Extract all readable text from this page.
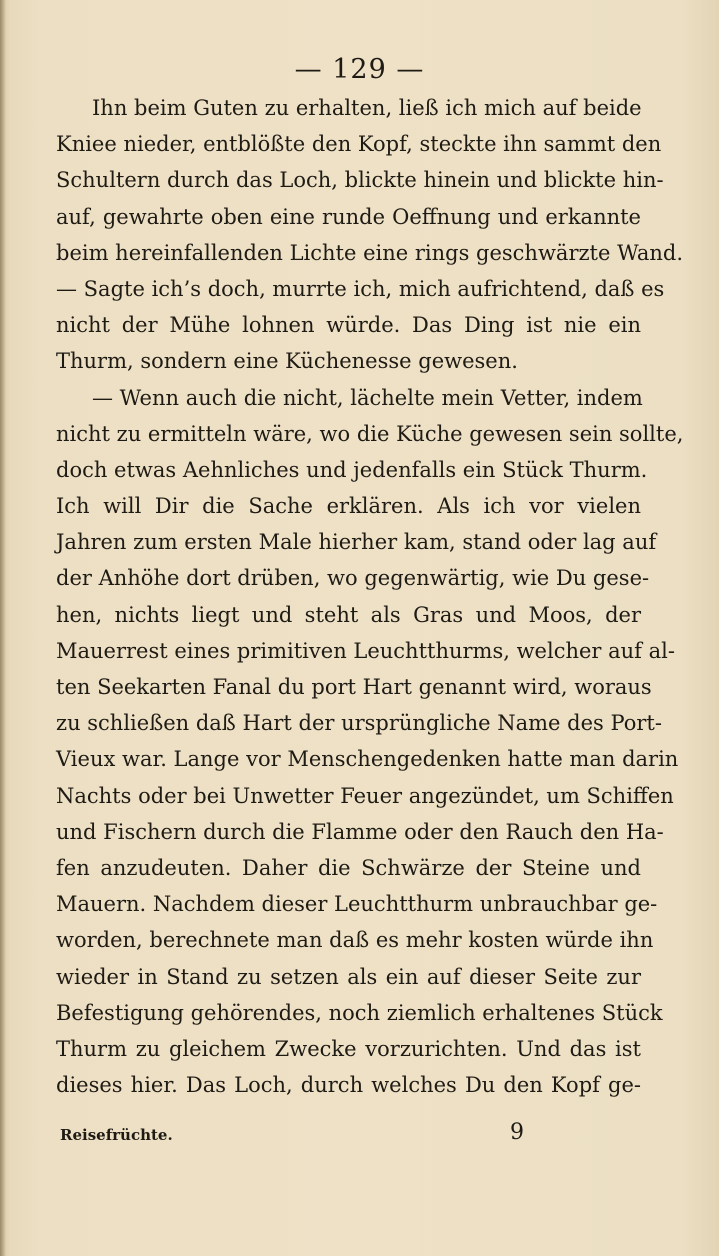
— 129 —
Ihn beim Guten zu erhalten, ließ ich mich auf beide
Kniee nieder, entblößte den Kopf, steckte ihn sammt den
Schultern durch das Loch, blickte hinein und blickte hin-
auf, gewahrte oben eine runde Oeffnung und erkannte
beim hereinfallenden Lichte eine rings geschwärzte Wand.
— Sagte ich’s doch, murrte ich, mich aufrichtend, daß es
nicht der Mühe lohnen würde. Das Ding ist nie ein
Thurm, sondern eine Küchenesse gewesen.
— Wenn auch die nicht, lächelte mein Vetter, indem
nicht zu ermitteln wäre, wo die Küche gewesen sein sollte,
doch etwas Aehnliches und jedenfalls ein Stück Thurm.
Ich will Dir die Sache erklären. Als ich vor vielen
Jahren zum ersten Male hierher kam, stand oder lag auf
der Anhöhe dort drüben, wo gegenwärtig, wie Du gese-
hen, nichts liegt und steht als Gras und Moos, der
Mauerrest eines primitiven Leuchtthurms, welcher auf al-
ten Seekarten Fanal du port Hart genannt wird, woraus
zu schließen daß Hart der ursprüngliche Name des Port-
Vieux war. Lange vor Menschengedenken hatte man darin
Nachts oder bei Unwetter Feuer angezündet, um Schiffen
und Fischern durch die Flamme oder den Rauch den Ha-
fen anzudeuten. Daher die Schwärze der Steine und
Mauern. Nachdem dieser Leuchtthurm unbrauchbar ge-
worden, berechnete man daß es mehr kosten würde ihn
wieder in Stand zu setzen als ein auf dieser Seite zur
Befestigung gehörendes, noch ziemlich erhaltenes Stück
Thurm zu gleichem Zwecke vorzurichten. Und das ist
dieses hier. Das Loch, durch welches Du den Kopf ge-
Reisefrüchte.	9
